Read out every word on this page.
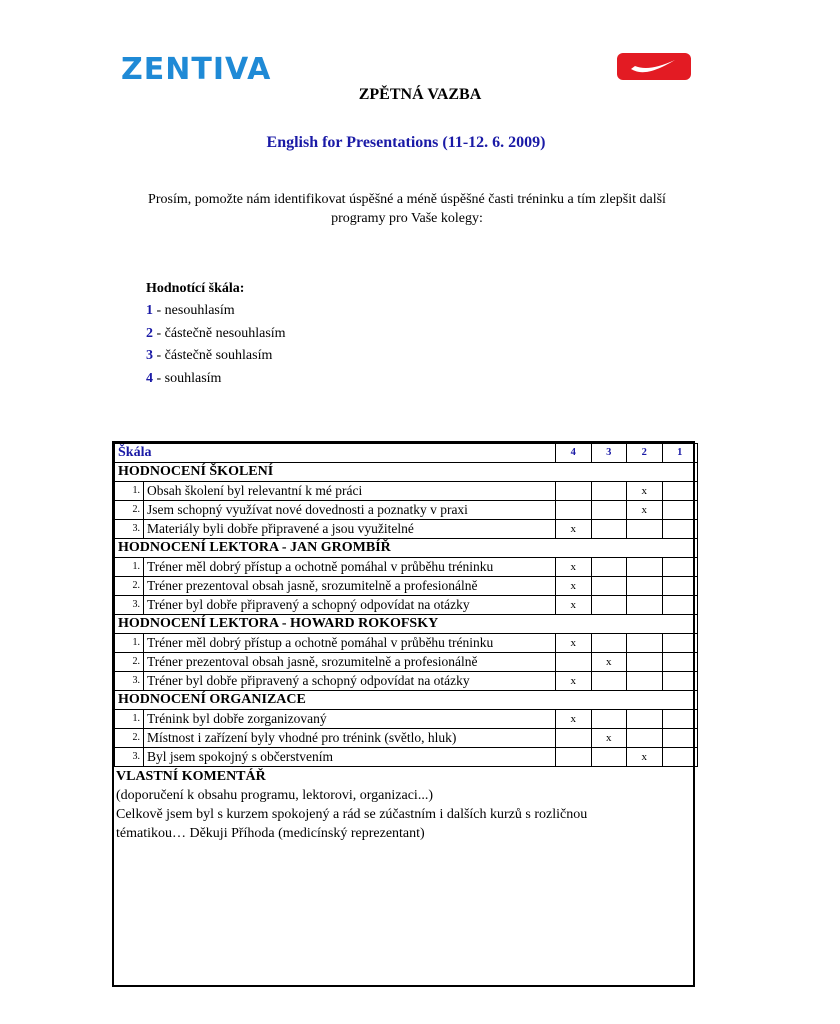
ZENTIVA
ZPĚTNÁ VAZBA
English for Presentations (11-12. 6. 2009)
Prosím, pomožte nám identifikovat úspěšné a méně úspěšné časti tréninku a tím zlepšit další
programy pro Vaše kolegy:
Hodnotící škála:
1 - nesouhlasím
2 - částečně nesouhlasím
3 - částečně souhlasím
4 - souhlasím
Škála		4	3	2	1
HODNOCENÍ ŠKOLENÍ					
1.	Obsah školení byl relevantní k mé práci			x	
2.	Jsem schopný využívat nové dovednosti a poznatky v praxi			x	
3.	Materiály byli dobře připravené a jsou využitelné	x			
HODNOCENÍ LEKTORA - JAN GROMBÍŘ					
1.	Tréner měl dobrý přístup a ochotně pomáhal v průběhu tréninku	x			
2.	Tréner prezentoval obsah jasně, srozumitelně a profesionálně	x			
3.	Tréner byl dobře připravený a schopný odpovídat na otázky	x			
HODNOCENÍ LEKTORA - HOWARD ROKOFSKY					
1.	Tréner měl dobrý přístup a ochotně pomáhal v průběhu tréninku	x			
2.	Tréner prezentoval obsah jasně, srozumitelně a profesionálně		x		
3.	Tréner byl dobře připravený a schopný odpovídat na otázky	x			
HODNOCENÍ ORGANIZACE					
1.	Trénink byl dobře zorganizovaný	x			
2.	Místnost i zařízení byly vhodné pro trénink (světlo, hluk)		x		
3.	Byl jsem spokojný s občerstvením			x	
VLASTNÍ KOMENTÁŘ
(doporučení k obsahu programu, lektorovi, organizaci...)
Celkově jsem byl s kurzem spokojený a rád se zúčastním i dalších kurzů s rozličnou
tématikou… Děkuji Příhoda (medicínský reprezentant)
